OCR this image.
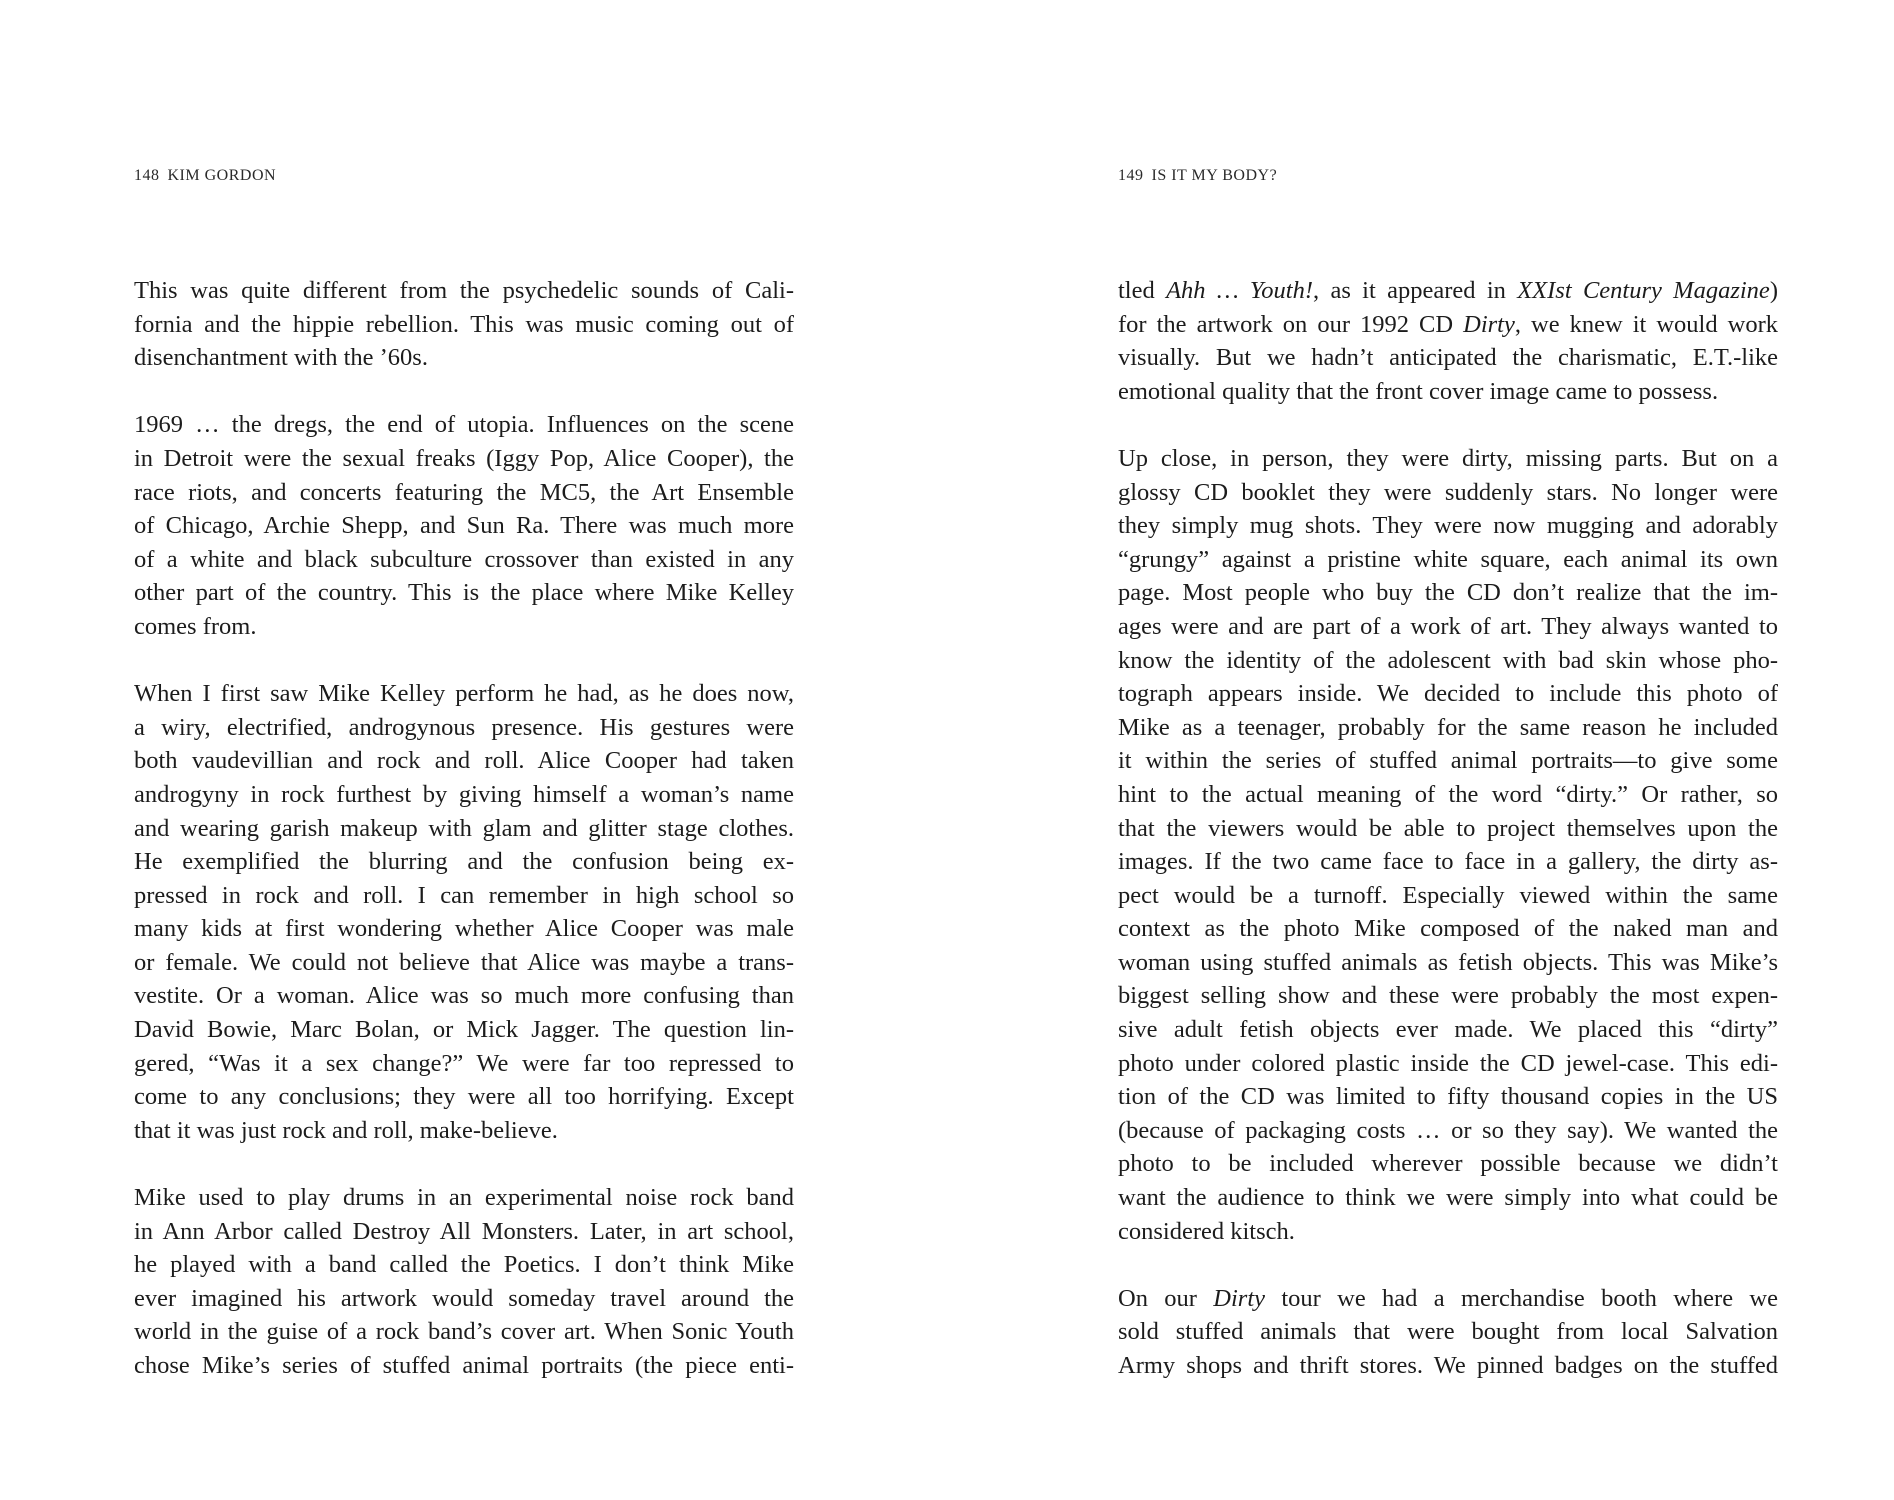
148 KIM GORDON
This was quite different from the psychedelic sounds of Cali-
fornia and the hippie rebellion. This was music coming out of
disenchantment with the ’60s.
1969 … the dregs, the end of utopia. Influences on the scene
in Detroit were the sexual freaks (Iggy Pop, Alice Cooper), the
race riots, and concerts featuring the MC5, the Art Ensemble
of Chicago, Archie Shepp, and Sun Ra. There was much more
of a white and black subculture crossover than existed in any
other part of the country. This is the place where Mike Kelley
comes from.
When I first saw Mike Kelley perform he had, as he does now,
a wiry, electrified, androgynous presence. His gestures were
both vaudevillian and rock and roll. Alice Cooper had taken
androgyny in rock furthest by giving himself a woman’s name
and wearing garish makeup with glam and glitter stage clothes.
He exemplified the blurring and the confusion being ex-
pressed in rock and roll. I can remember in high school so
many kids at first wondering whether Alice Cooper was male
or female. We could not believe that Alice was maybe a trans-
vestite. Or a woman. Alice was so much more confusing than
David Bowie, Marc Bolan, or Mick Jagger. The question lin-
gered, “Was it a sex change?” We were far too repressed to
come to any conclusions; they were all too horrifying. Except
that it was just rock and roll, make-believe.
Mike used to play drums in an experimental noise rock band
in Ann Arbor called Destroy All Monsters. Later, in art school,
he played with a band called the Poetics. I don’t think Mike
ever imagined his artwork would someday travel around the
world in the guise of a rock band’s cover art. When Sonic Youth
chose Mike’s series of stuffed animal portraits (the piece enti-
149 IS IT MY BODY?
tled Ahh … Youth!, as it appeared in XXIst Century Magazine)
for the artwork on our 1992 CD Dirty, we knew it would work
visually. But we hadn’t anticipated the charismatic, E.T.-like
emotional quality that the front cover image came to possess.
Up close, in person, they were dirty, missing parts. But on a
glossy CD booklet they were suddenly stars. No longer were
they simply mug shots. They were now mugging and adorably
“grungy” against a pristine white square, each animal its own
page. Most people who buy the CD don’t realize that the im-
ages were and are part of a work of art. They always wanted to
know the identity of the adolescent with bad skin whose pho-
tograph appears inside. We decided to include this photo of
Mike as a teenager, probably for the same reason he included
it within the series of stuffed animal portraits—to give some
hint to the actual meaning of the word “dirty.” Or rather, so
that the viewers would be able to project themselves upon the
images. If the two came face to face in a gallery, the dirty as-
pect would be a turnoff. Especially viewed within the same
context as the photo Mike composed of the naked man and
woman using stuffed animals as fetish objects. This was Mike’s
biggest selling show and these were probably the most expen-
sive adult fetish objects ever made. We placed this “dirty”
photo under colored plastic inside the CD jewel-case. This edi-
tion of the CD was limited to fifty thousand copies in the US
(because of packaging costs … or so they say). We wanted the
photo to be included wherever possible because we didn’t
want the audience to think we were simply into what could be
considered kitsch.
On our Dirty tour we had a merchandise booth where we
sold stuffed animals that were bought from local Salvation
Army shops and thrift stores. We pinned badges on the stuffed
